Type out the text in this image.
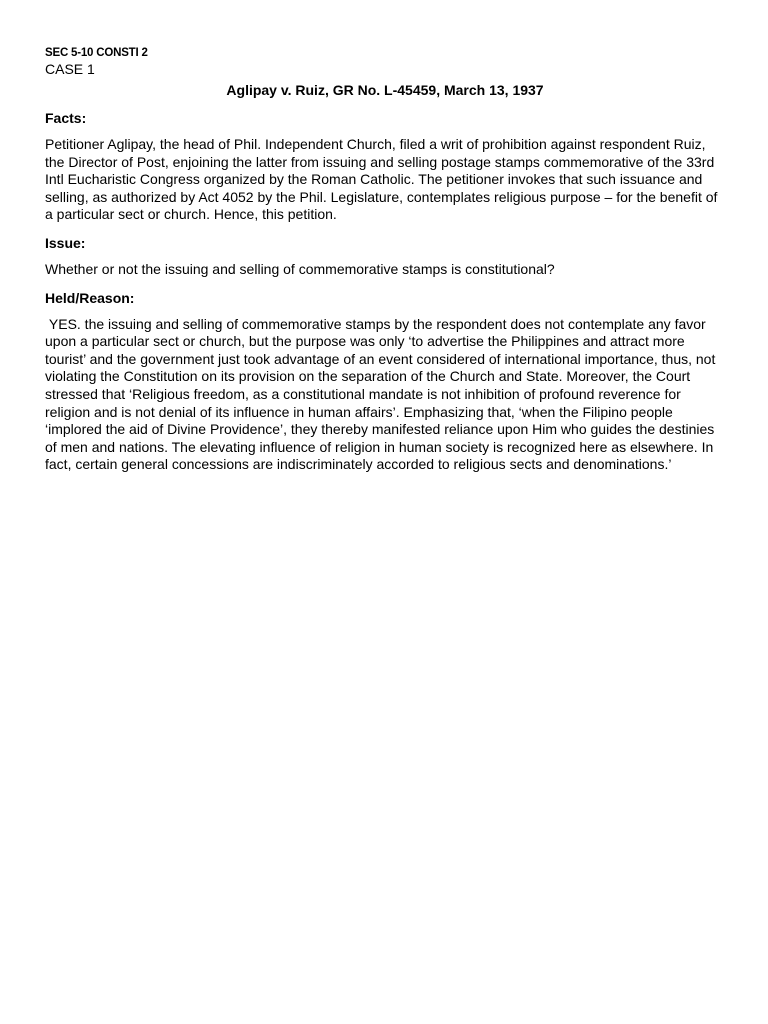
SEC 5-10 CONSTI 2

CASE 1

Aglipay v. Ruiz, GR No. L-45459, March 13, 1937

Facts:

Petitioner Aglipay, the head of Phil. Independent Church, filed a writ of prohibition against respondent Ruiz, the Director of Post, enjoining the latter from issuing and selling postage stamps commemorative of the 33rd Intl Eucharistic Congress organized by the Roman Catholic. The petitioner invokes that such issuance and selling, as authorized by Act 4052 by the Phil. Legislature, contemplates religious purpose – for the benefit of a particular sect or church. Hence, this petition.

Issue:

Whether or not the issuing and selling of commemorative stamps is constitutional?

Held/Reason:

YES. the issuing and selling of commemorative stamps by the respondent does not contemplate any favor upon a particular sect or church, but the purpose was only ‘to advertise the Philippines and attract more tourist’ and the government just took advantage of an event considered of international importance, thus, not violating the Constitution on its provision on the separation of the Church and State. Moreover, the Court stressed that ‘Religious freedom, as a constitutional mandate is not inhibition of profound reverence for religion and is not denial of its influence in human affairs’. Emphasizing that, ‘when the Filipino people ‘implored the aid of Divine Providence’, they thereby manifested reliance upon Him who guides the destinies of men and nations. The elevating influence of religion in human society is recognized here as elsewhere. In fact, certain general concessions are indiscriminately accorded to religious sects and denominations.’
